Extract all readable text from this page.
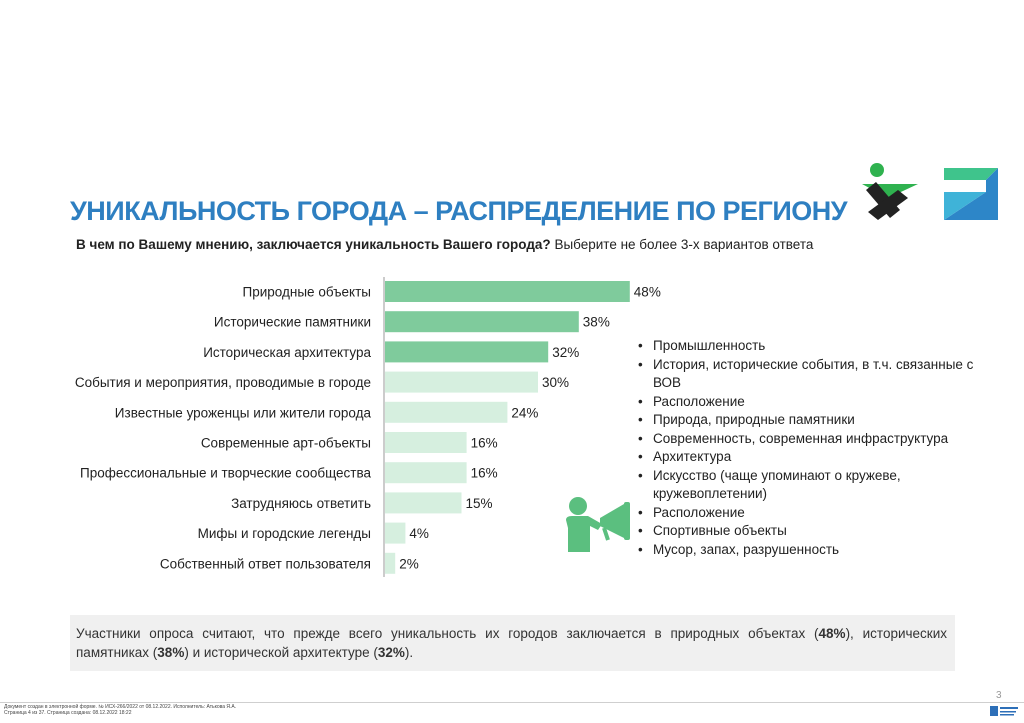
УНИКАЛЬНОСТЬ ГОРОДА – РАСПРЕДЕЛЕНИЕ ПО РЕГИОНУ
В чем по Вашему мнению, заключается уникальность Вашего города? Выберите не более 3-х вариантов ответа
Природные объекты	48%
Исторические памятники	38%
Историческая архитектура	32%
События и мероприятия, проводимые в городе	30%
Известные уроженцы или жители города	24%
Современные арт-объекты	16%
Профессиональные и творческие сообщества	16%
Затрудняюсь ответить	15%
Мифы и городские легенды	4%
Собственный ответ пользователя 2%
• Промышленность
• История, исторические события, в т.ч. связанные с ВОВ
• Расположение
• Природа, природные памятники
• Современность, современная инфраструктура
• Архитектура
• Искусство (чаще упоминают о кружеве, кружевоплетении)
• Расположение
• Спортивные объекты
• Мусор, запах, разрушенность
Участники опроса считают, что прежде всего уникальность их городов заключается в природных объектах (48%), исторических памятниках (38%) и исторической архитектуре (32%).
3
Документ создан в электронной форме. № ИСХ-266/2022 от 08.12.2022. Исполнитель: Атькова Я.А.
Страница 4 из 37. Страница создана: 08.12.2022 18:22
